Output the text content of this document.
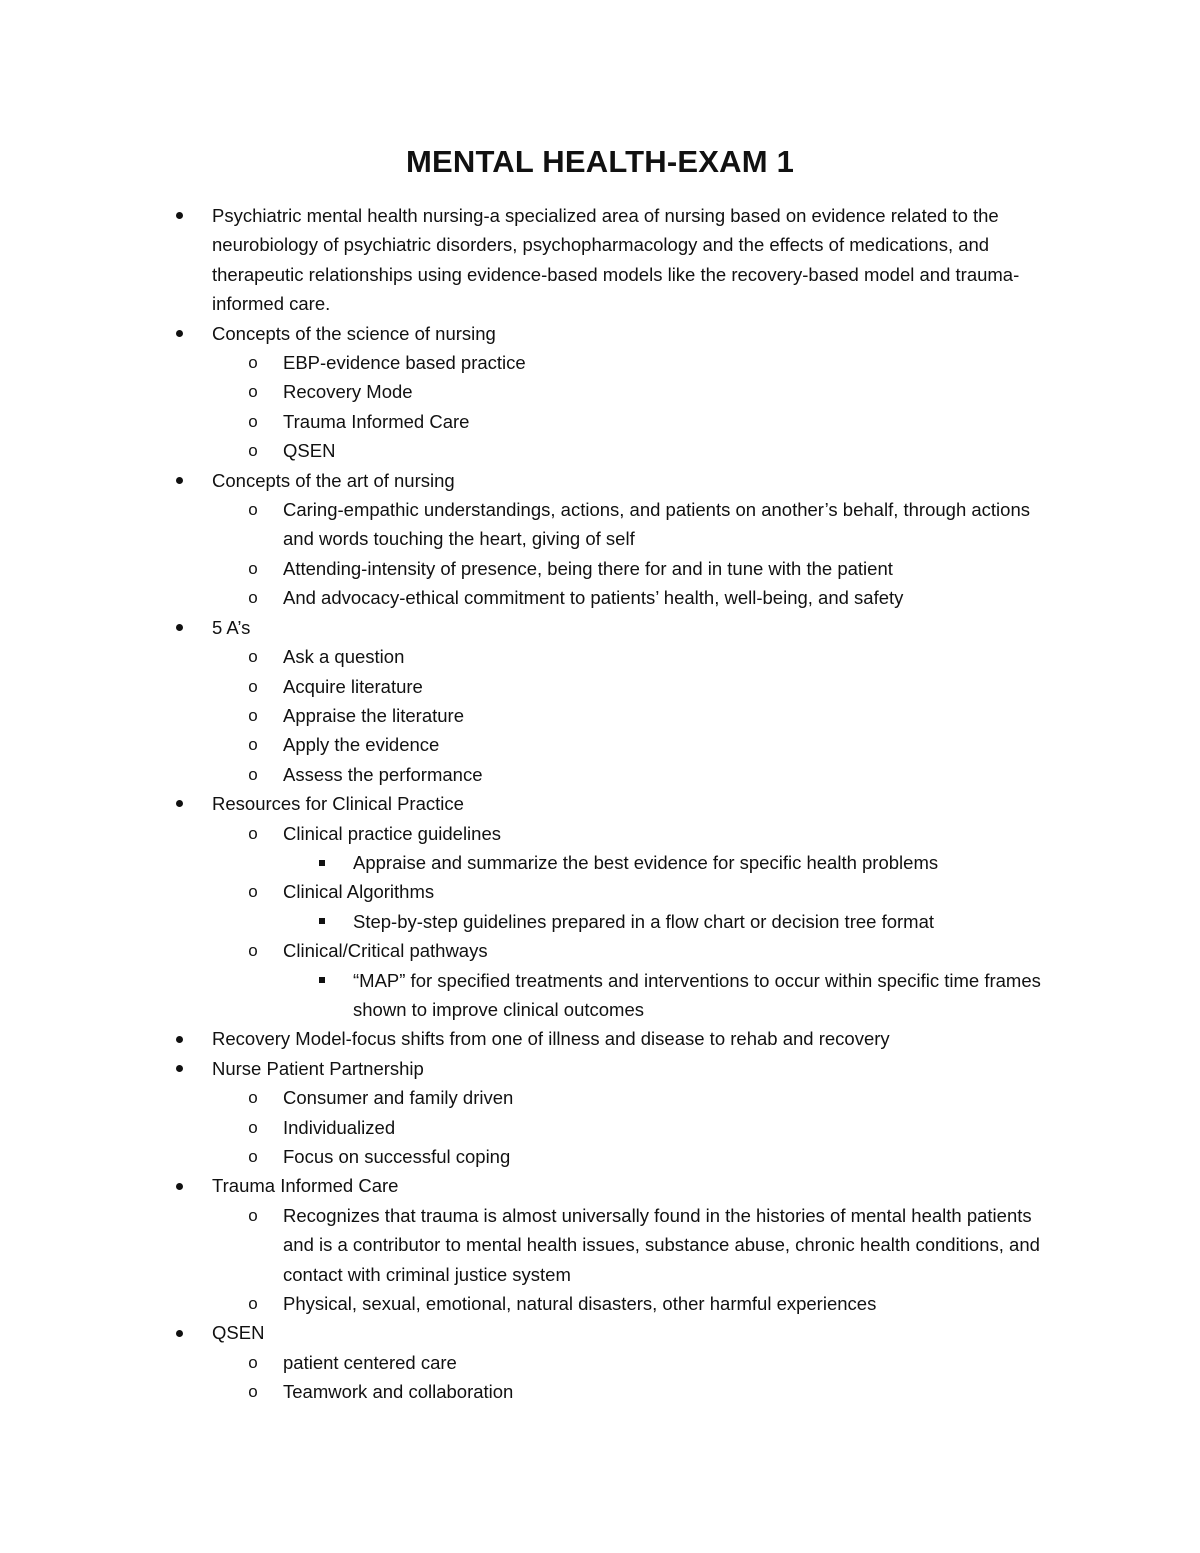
MENTAL HEALTH-EXAM 1
Psychiatric mental health nursing-a specialized area of nursing based on evidence related to the neurobiology of psychiatric disorders, psychopharmacology and the effects of medications, and therapeutic relationships using evidence-based models like the recovery-based model and trauma-informed care.
Concepts of the science of nursing
o EBP-evidence based practice
o Recovery Mode
o Trauma Informed Care
o QSEN
Concepts of the art of nursing
o Caring-empathic understandings, actions, and patients on another’s behalf, through actions and words touching the heart, giving of self
o Attending-intensity of presence, being there for and in tune with the patient
o And advocacy-ethical commitment to patients’ health, well-being, and safety
5 A’s
o Ask a question
o Acquire literature
o Appraise the literature
o Apply the evidence
o Assess the performance
Resources for Clinical Practice
o Clinical practice guidelines
Appraise and summarize the best evidence for specific health problems
o Clinical Algorithms
Step-by-step guidelines prepared in a flow chart or decision tree format
o Clinical/Critical pathways
“MAP” for specified treatments and interventions to occur within specific time frames shown to improve clinical outcomes
Recovery Model-focus shifts from one of illness and disease to rehab and recovery
Nurse Patient Partnership
o Consumer and family driven
o Individualized
o Focus on successful coping
Trauma Informed Care
o Recognizes that trauma is almost universally found in the histories of mental health patients and is a contributor to mental health issues, substance abuse, chronic health conditions, and contact with criminal justice system
o Physical, sexual, emotional, natural disasters, other harmful experiences
QSEN
o patient centered care
o Teamwork and collaboration
